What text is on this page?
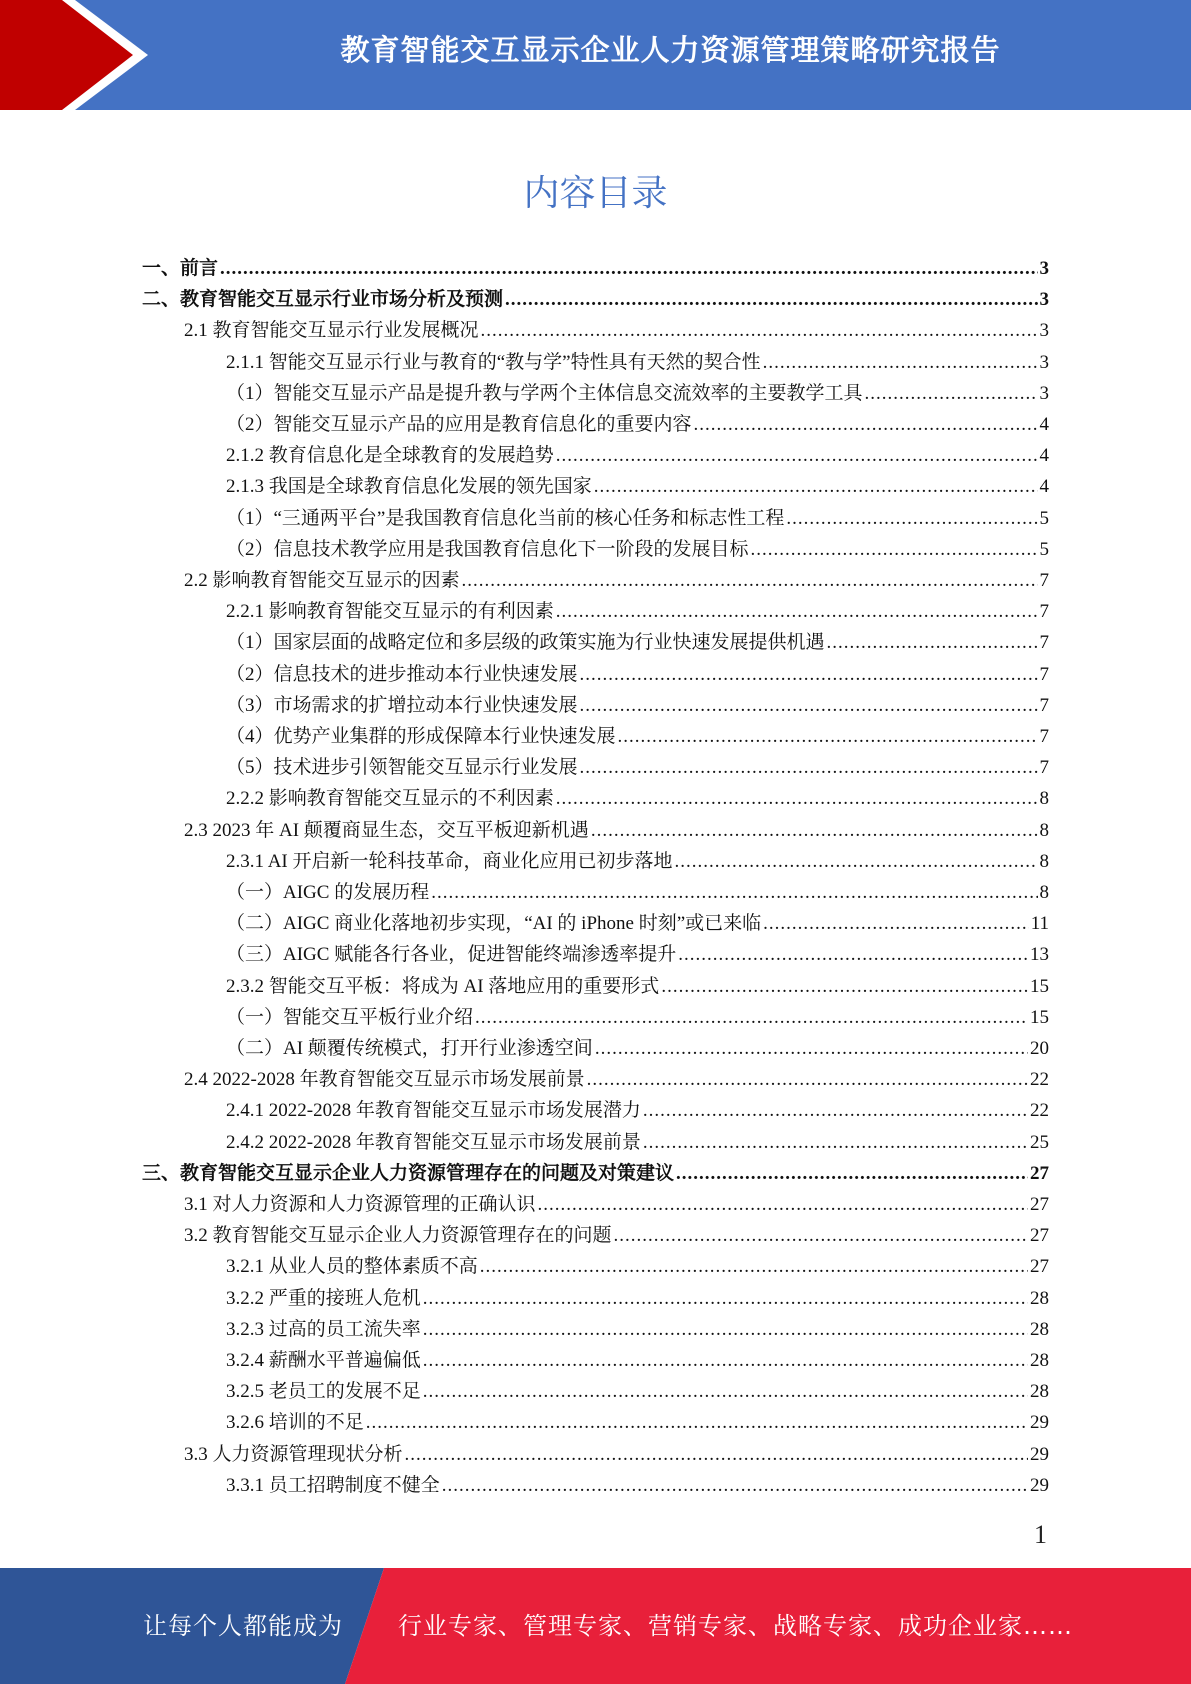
教育智能交互显示企业人力资源管理策略研究报告
内容目录
一、前言 .....	3
二、教育智能交互显示行业市场分析及预测 .....	3
2.1 教育智能交互显示行业发展概况 .....	3
2.1.1 智能交互显示行业与教育的“教与学”特性具有天然的契合性 .....	3
（1）智能交互显示产品是提升教与学两个主体信息交流效率的主要教学工具 .....	3
（2）智能交互显示产品的应用是教育信息化的重要内容 .....	4
2.1.2 教育信息化是全球教育的发展趋势 .....	4
2.1.3 我国是全球教育信息化发展的领先国家 .....	4
（1）“三通两平台”是我国教育信息化当前的核心任务和标志性工程 .....	5
（2）信息技术教学应用是我国教育信息化下一阶段的发展目标 .....	5
2.2 影响教育智能交互显示的因素 .....	7
2.2.1 影响教育智能交互显示的有利因素 .....	7
（1）国家层面的战略定位和多层级的政策实施为行业快速发展提供机遇 .....	7
（2）信息技术的进步推动本行业快速发展 .....	7
（3）市场需求的扩增拉动本行业快速发展 .....	7
（4）优势产业集群的形成保障本行业快速发展 .....	7
（5）技术进步引领智能交互显示行业发展 .....	7
2.2.2 影响教育智能交互显示的不利因素 .....	8
2.3 2023 年 AI 颠覆商显生态，交互平板迎新机遇 .....	8
2.3.1 AI 开启新一轮科技革命，商业化应用已初步落地 .....	8
（一）AIGC 的发展历程 .....	8
（二）AIGC 商业化落地初步实现，“AI 的 iPhone 时刻”或已来临 .....	11
（三）AIGC 赋能各行各业，促进智能终端渗透率提升 .....	13
2.3.2 智能交互平板：将成为 AI 落地应用的重要形式 .....	15
（一）智能交互平板行业介绍 .....	15
（二）AI 颠覆传统模式，打开行业渗透空间 .....	20
2.4 2022-2028 年教育智能交互显示市场发展前景 .....	22
2.4.1 2022-2028 年教育智能交互显示市场发展潜力 .....	22
2.4.2 2022-2028 年教育智能交互显示市场发展前景 .....	25
三、教育智能交互显示企业人力资源管理存在的问题及对策建议 .....	27
3.1 对人力资源和人力资源管理的正确认识 .....	27
3.2 教育智能交互显示企业人力资源管理存在的问题 .....	27
3.2.1 从业人员的整体素质不高 .....	27
3.2.2 严重的接班人危机 .....	28
3.2.3 过高的员工流失率 .....	28
3.2.4 薪酬水平普遍偏低 .....	28
3.2.5 老员工的发展不足 .....	28
3.2.6 培训的不足 .....	29
3.3 人力资源管理现状分析 .....	29
3.3.1 员工招聘制度不健全 .....	29
1
让每个人都能成为 行业专家、管理专家、营销专家、战略专家、成功企业家……
